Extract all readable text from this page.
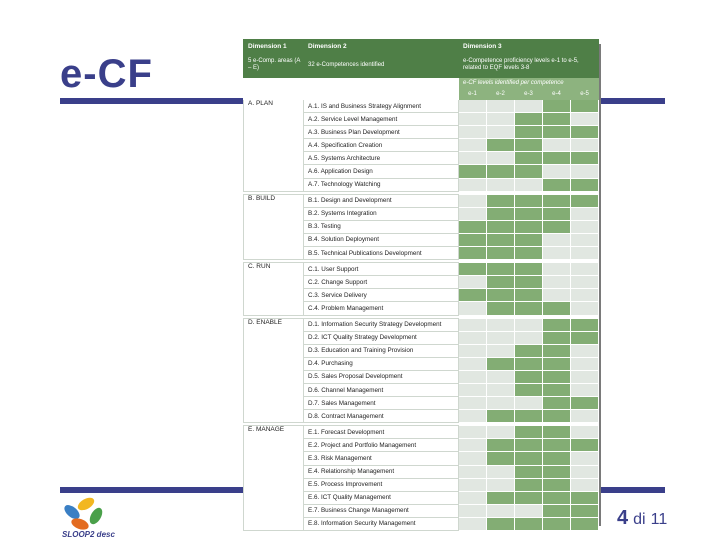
e-CF
Dimension 1	Dimension 2	Dimension 3				
5 e-Comp. areas (A – E)	32 e-Competences identified	e-Competence proficiency levels e-1 to e-5, related to EQF levels 3-8				
		e-CF levels identified per competence				
		e-1	e-2	e-3	e-4	e-5
A. PLAN	A.1. IS and Business Strategy Alignment					
	A.2. Service Level Management					
	A.3. Business Plan Development					
	A.4. Specification Creation					
	A.5. Systems Architecture					
	A.6. Application Design					
	A.7. Technology Watching					

B. BUILD	B.1. Design and Development					
	B.2. Systems Integration					
	B.3. Testing					
	B.4. Solution Deployment					
	B.5. Technical Publications Development					

C. RUN	C.1. User Support					
	C.2. Change Support					
	C.3. Service Delivery					
	C.4. Problem Management					

D. ENABLE	D.1. Information Security Strategy Development					
	D.2. ICT Quality Strategy Development					
	D.3. Education and Training Provision					
	D.4. Purchasing					
	D.5. Sales Proposal Development					
	D.6. Channel Management					
	D.7. Sales Management					
	D.8. Contract Management					

E. MANAGE	E.1. Forecast Development					
	E.2. Project and Portfolio Management					
	E.3. Risk Management					
	E.4. Relationship Management					
	E.5. Process Improvement					
	E.6. ICT Quality Management					
	E.7. Business Change Management					
	E.8. Information Security Management					
SLOOP2 desc
4 di 11
